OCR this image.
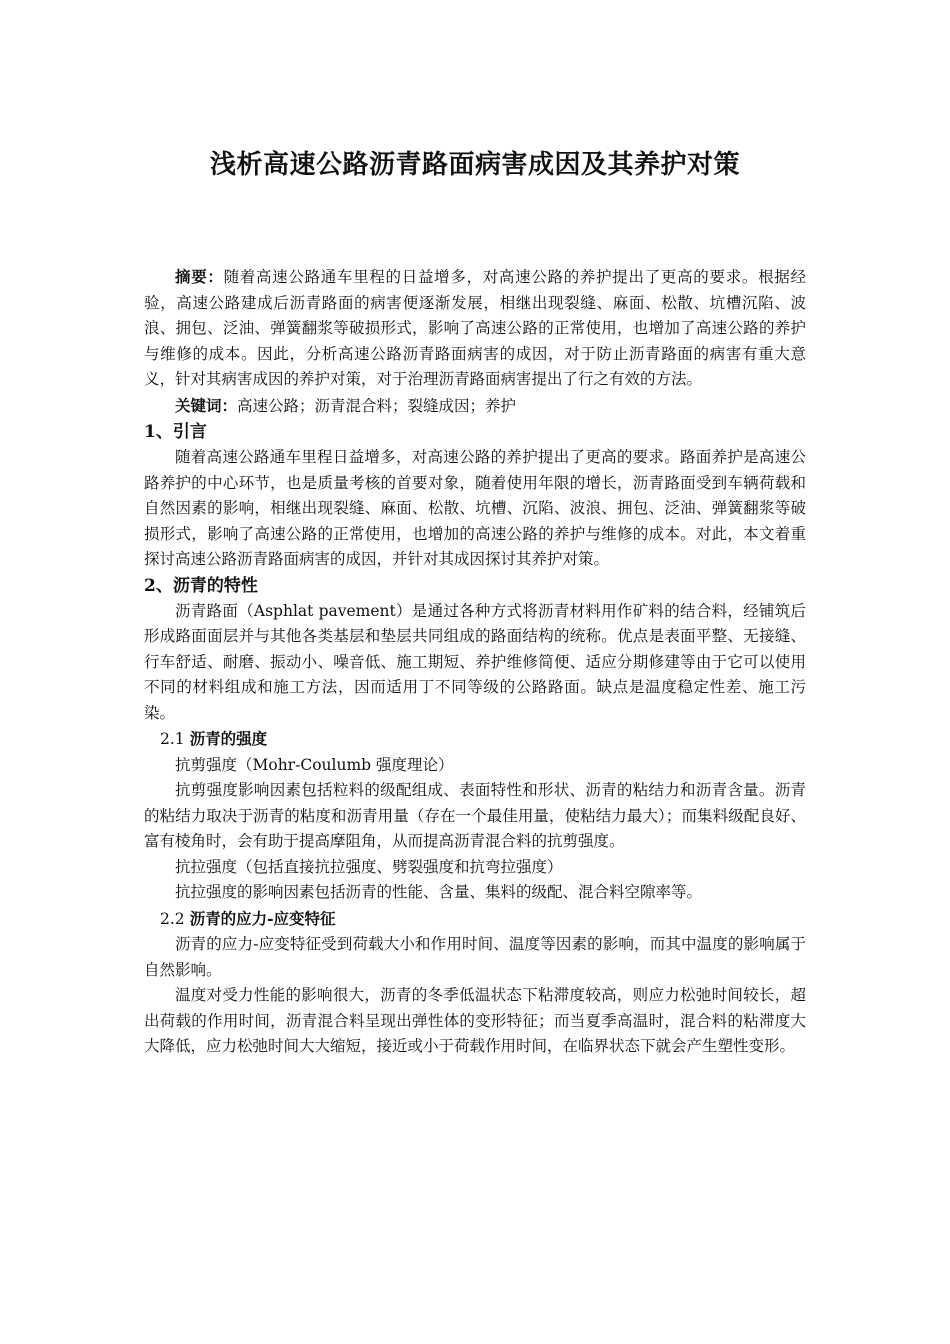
浅析高速公路沥青路面病害成因及其养护对策

摘要：随着高速公路通车里程的日益增多，对高速公路的养护提出了更高的要求。根据经验，高速公路建成后沥青路面的病害便逐渐发展，相继出现裂缝、麻面、松散、坑槽沉陷、波浪、拥包、泛油、弹簧翻浆等破损形式，影响了高速公路的正常使用，也增加了高速公路的养护与维修的成本。因此，分析高速公路沥青路面病害的成因，对于防止沥青路面的病害有重大意义，针对其病害成因的养护对策，对于治理沥青路面病害提出了行之有效的方法。

关键词：高速公路；沥青混合料；裂缝成因；养护

1、引言

随着高速公路通车里程日益增多，对高速公路的养护提出了更高的要求。路面养护是高速公路养护的中心环节，也是质量考核的首要对象，随着使用年限的增长，沥青路面受到车辆荷载和自然因素的影响，相继出现裂缝、麻面、松散、坑槽、沉陷、波浪、拥包、泛油、弹簧翻浆等破损形式，影响了高速公路的正常使用，也增加的高速公路的养护与维修的成本。对此，本文着重探讨高速公路沥青路面病害的成因，并针对其成因探讨其养护对策。

2、沥青的特性

沥青路面（Asphlat pavement）是通过各种方式将沥青材料用作矿料的结合料，经铺筑后形成路面面层并与其他各类基层和垫层共同组成的路面结构的统称。优点是表面平整、无接缝、行车舒适、耐磨、振动小、噪音低、施工期短、养护维修简便、适应分期修建等由于它可以使用不同的材料组成和施工方法，因而适用丁不同等级的公路路面。缺点是温度稳定性差、施工污染。

2.1 沥青的强度

抗剪强度（Mohr-Coulumb 强度理论）

抗剪强度影响因素包括粒料的级配组成、表面特性和形状、沥青的粘结力和沥青含量。沥青的粘结力取决于沥青的粘度和沥青用量（存在一个最佳用量，使粘结力最大）；而集料级配良好、富有棱角时，会有助于提高摩阻角，从而提高沥青混合料的抗剪强度。

抗拉强度（包括直接抗拉强度、劈裂强度和抗弯拉强度）

抗拉强度的影响因素包括沥青的性能、含量、集料的级配、混合料空隙率等。

2.2 沥青的应力-应变特征

沥青的应力-应变特征受到荷载大小和作用时间、温度等因素的影响，而其中温度的影响属于自然影响。

温度对受力性能的影响很大，沥青的冬季低温状态下粘滞度较高，则应力松弛时间较长，超出荷载的作用时间，沥青混合料呈现出弹性体的变形特征；而当夏季高温时，混合料的粘滞度大大降低，应力松弛时间大大缩短，接近或小于荷载作用时间，在临界状态下就会产生塑性变形。
